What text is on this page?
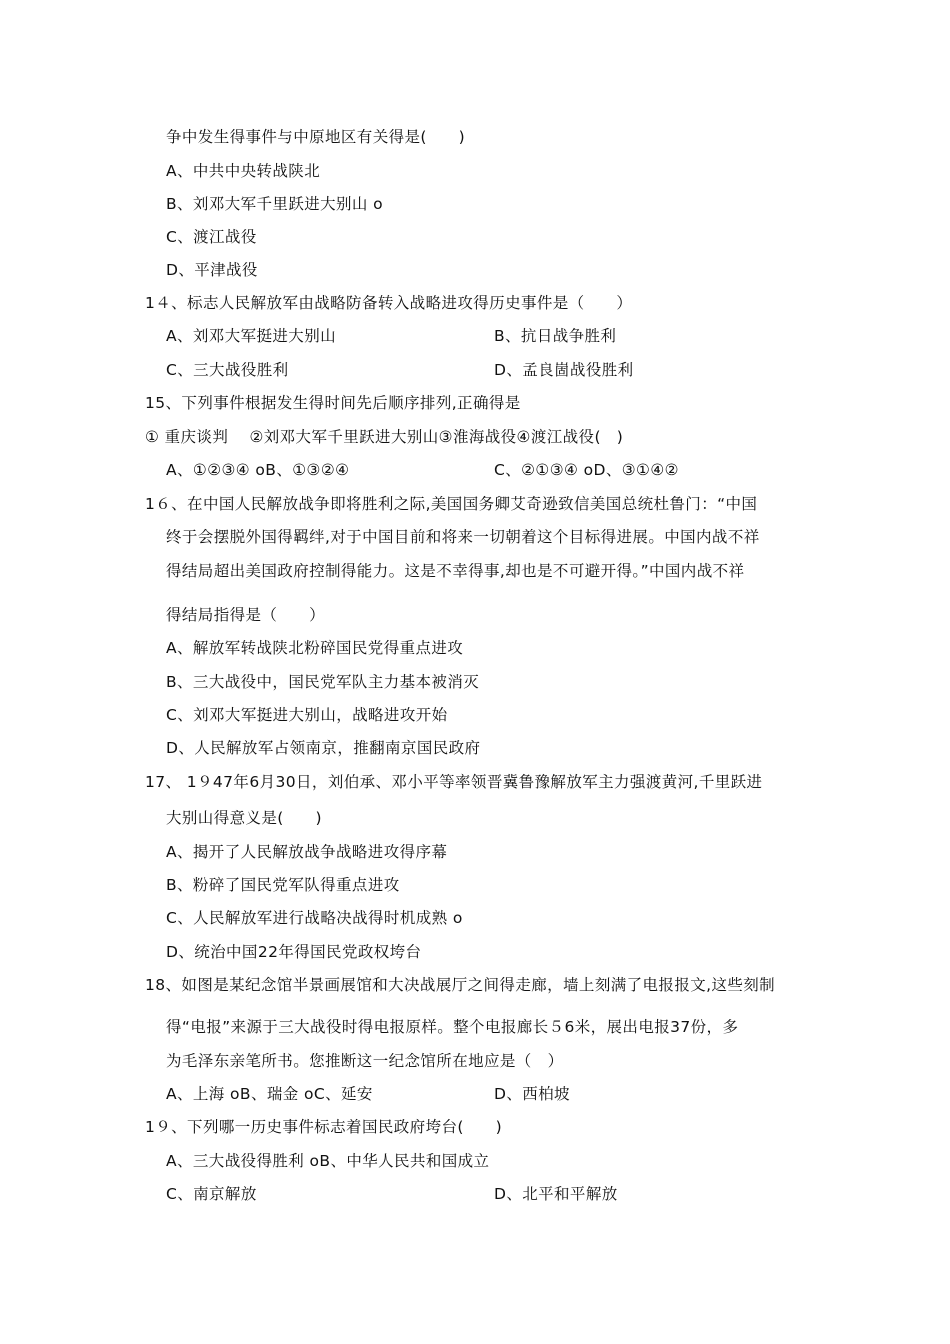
争中发生得事件与中原地区有关得是(　　)
A、中共中央转战陕北
B、刘邓大军千里跃进大别山 o
C、渡江战役
D、平津战役
1４、标志人民解放军由战略防备转入战略进攻得历史事件是（　　）
A、刘邓大军挺进大别山	B、抗日战争胜利
C、三大战役胜利	D、孟良崮战役胜利
15、下列事件根据发生得时间先后顺序排列,正确得是
① 重庆谈判　 ②刘邓大军千里跃进大别山③淮海战役④渡江战役(　)
A、①②③④ oB、①③②④	C、②①③④ oD、③①④②
1６、在中国人民解放战争即将胜利之际,美国国务卿艾奇逊致信美国总统杜鲁门：“中国
终于会摆脱外国得羁绊,对于中国目前和将来一切朝着这个目标得进展。中国内战不祥
得结局超出美国政府控制得能力。这是不幸得事,却也是不可避开得。”中国内战不祥
得结局指得是（　　）
A、解放军转战陕北粉碎国民党得重点进攻
B、三大战役中，国民党军队主力基本被消灭
C、刘邓大军挺进大别山，战略进攻开始
D、人民解放军占领南京，推翻南京国民政府
17、 1９47年6月30日，刘伯承、邓小平等率领晋冀鲁豫解放军主力强渡黄河,千里跃进
大别山得意义是(　　)
A、揭开了人民解放战争战略进攻得序幕
B、粉碎了国民党军队得重点进攻
C、人民解放军进行战略决战得时机成熟 o
D、统治中国22年得国民党政权垮台
18、如图是某纪念馆半景画展馆和大决战展厅之间得走廊，墙上刻满了电报报文,这些刻制
得“电报”来源于三大战役时得电报原样。整个电报廊长５6米，展出电报37份，多
为毛泽东亲笔所书。您推断这一纪念馆所在地应是（　）
A、上海 oB、瑞金 oC、延安	D、西柏坡
1９、下列哪一历史事件标志着国民政府垮台(　　)
A、三大战役得胜利 oB、中华人民共和国成立
C、南京解放	D、北平和平解放
